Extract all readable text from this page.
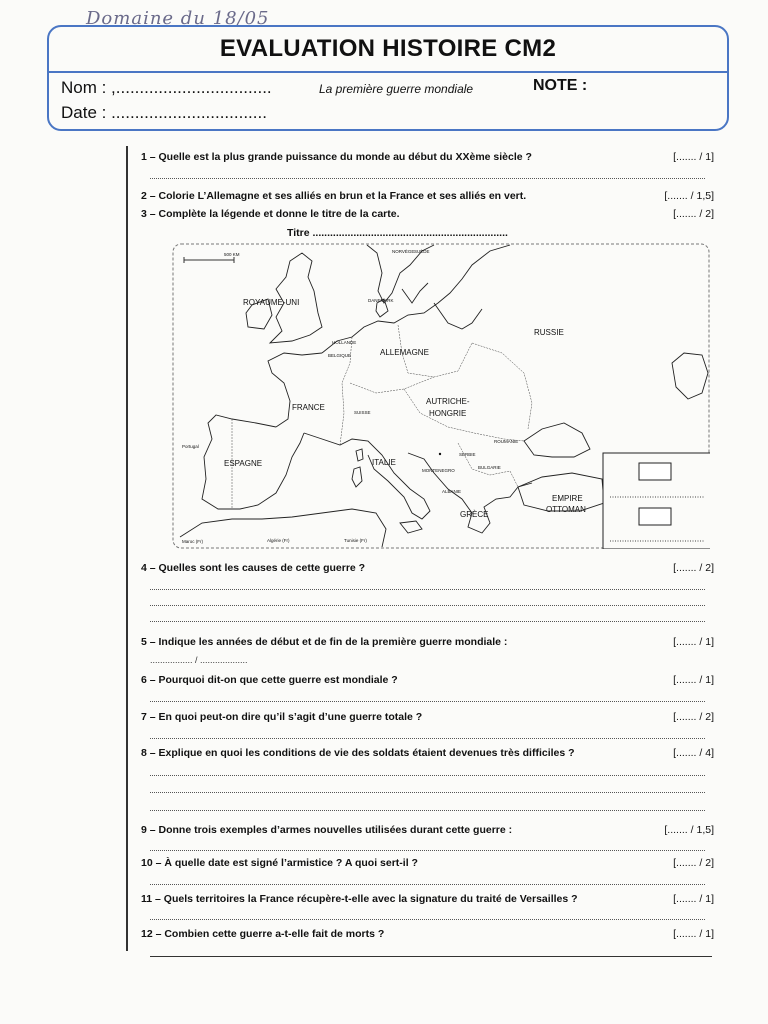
Domaine du 18/05
EVALUATION HISTOIRE CM2
Nom : ,.................................
Date : .................................
La première guerre mondiale	NOTE :
1 – Quelle est la plus grande puissance du monde au début du XXème siècle ?	[....... / 1]
2 – Colorie L’Allemagne et ses alliés en brun et la France et ses alliés en vert.	[....... / 1,5]
3 – Complète la légende et donne le titre de la carte.	[....... / 2]
Titre ...................................................................
500 KM
NORVÈGE SUÈDE
ROYAUME-UNI	DANEMARK
RUSSIE
HOLLANDE
BELGIQUE	ALLEMAGNE
FRANCE
SUISSE
AUTRICHE-
HONGRIE
Portugal
ESPAGNE	ITALIE
ROUMANIE
SERBIE
BULGARIE
MONTENEGRO
ALBANIE
EMPIRE
OTTOMAN
GRÈCE
Maroc (Fr)	Algérie (Fr)	Tunisie (Fr)
4 – Quelles sont les causes de cette guerre ?	[....... / 2]
5 – Indique les années de début et de fin de la première guerre mondiale :	[....... / 1]
................. / ...................
6 – Pourquoi dit-on que cette guerre est mondiale ?	[....... / 1]
7 – En quoi peut-on dire qu’il s’agit d’une guerre totale ?	[....... / 2]
8 – Explique en quoi les conditions de vie des soldats étaient devenues très difficiles ?	[....... / 4]
9 – Donne trois exemples d’armes nouvelles utilisées durant cette guerre :	[....... / 1,5]
10 – À quelle date est signé l’armistice ? A quoi sert-il ?	[....... / 2]
11 – Quels territoires la France récupère-t-elle avec la signature du traité de Versailles ?	[....... / 1]
12 – Combien cette guerre a-t-elle fait de morts ?	[....... / 1]
